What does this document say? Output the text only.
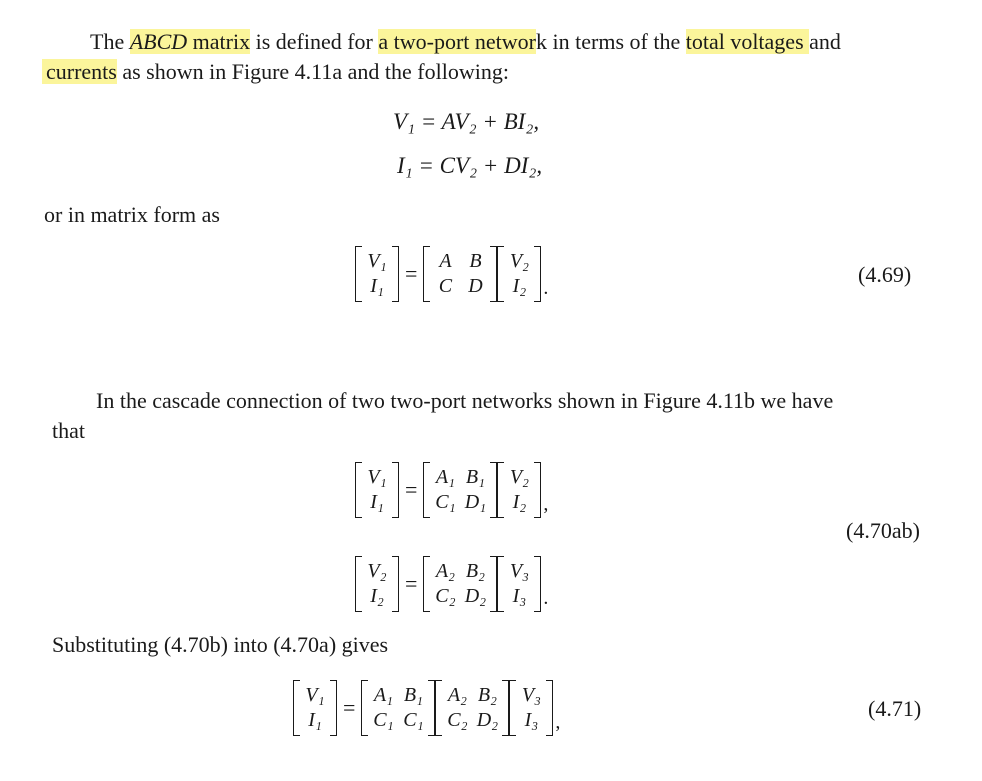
The ABCD matrix is defined for a two-port network in terms of the total voltages and
currents as shown in Figure 4.11a and the following:
V₁ = AV₂ + BI₂,
I₁ = CV₂ + DI₂,
or in matrix form as
V₁
I₁ =	A B
C D
V₂
I₂ .
(4.69)
In the cascade connection of two two-port networks shown in Figure 4.11b we have
that
V₁
I₁ = A₁ B₁
C₁ D₁
V₂
I₂ ,
V₂
I₂ = A₂ B₂
C₂ D₂
V₃
I₃ .
(4.70ab)
Substituting (4.70b) into (4.70a) gives
V₁
I₁ = A₁ B₁
C₁ C₁
A₂ B₂
C₂ D₂
V₃
I₃ ,
(4.71)
